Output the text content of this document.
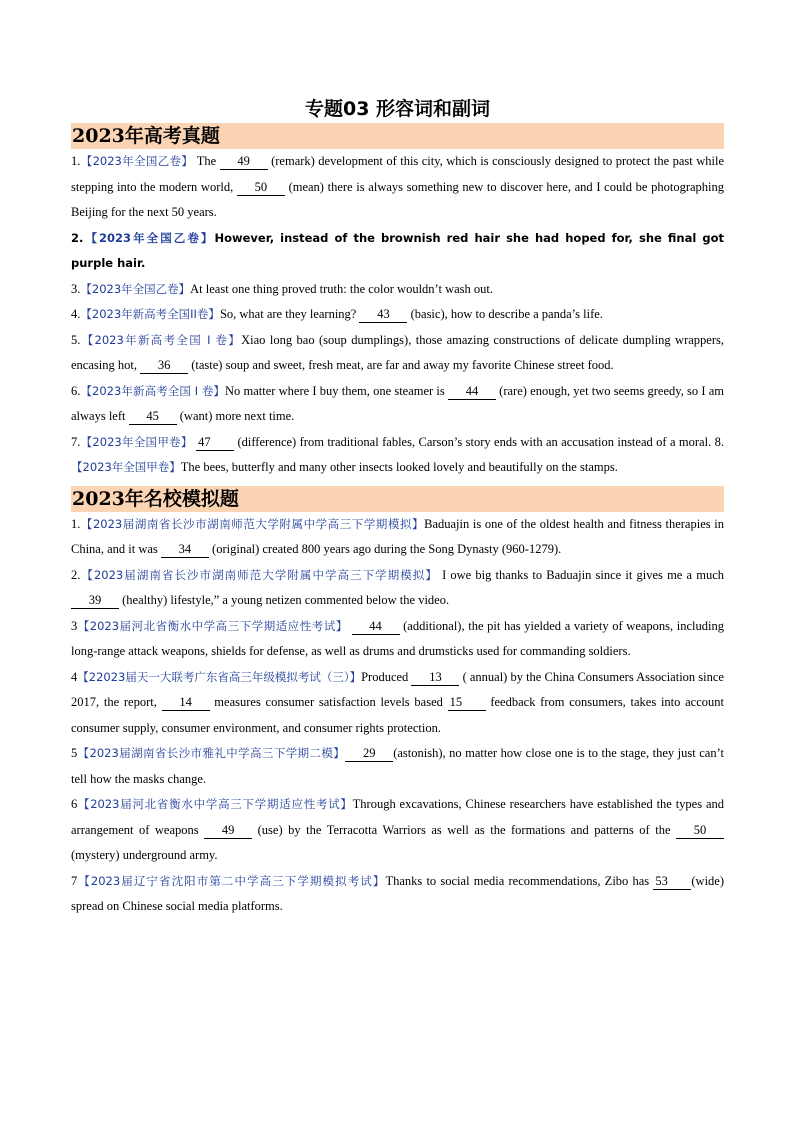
专题03 形容词和副词
2023年高考真题

1.【2023年全国乙卷】 The 49 (remark) development of this city, which is consciously designed to protect the past while stepping into the modern world, 50 (mean) there is always something new to discover here, and I could be photographing Beijing for the next 50 years.

2.【2023年全国乙卷】However, instead of the brownish red hair she had hoped for, she final got purple hair.

3.【2023年全国乙卷】At least one thing proved truth: the color wouldn’t wash out.

4.【2023年新高考全国II卷】So, what are they learning? 43 (basic), how to describe a panda’s life.

5.【2023年新高考全国 I 卷】Xiao long bao (soup dumplings), those amazing constructions of delicate dumpling wrappers, encasing hot, 36 (taste) soup and sweet, fresh meat, are far and away my favorite Chinese street food.

6.【2023年新高考全国 I 卷】No matter where I buy them, one steamer is 44 (rare) enough, yet two seems greedy, so I am always left 45 (want) more next time.

7.【2023年全国甲卷】 47 (difference) from traditional fables, Carson’s story ends with an accusation instead of a moral. 8.【2023年全国甲卷】The bees, butterfly and many other insects looked lovely and beautifully on the stamps.

2023年名校模拟题

1.【2023届湖南省长沙市湖南师范大学附属中学高三下学期模拟】Baduajin is one of the oldest health and fitness therapies in China, and it was 34 (original) created 800 years ago during the Song Dynasty (960-1279).

2.【2023届湖南省长沙市湖南师范大学附属中学高三下学期模拟】 I owe big thanks to Baduajin since it gives me a much 39 (healthy) lifestyle,” a young netizen commented below the video.

3【2023届河北省衡水中学高三下学期适应性考试】 44 (additional), the pit has yielded a variety of weapons, including long-range attack weapons, shields for defense, as well as drums and drumsticks used for commanding soldiers.

4【22023届天一大联考广东省高三年级模拟考试（三）】Produced 13 ( annual) by the China Consumers Association since 2017, the report, 14 measures consumer satisfaction levels based 15 feedback from consumers, takes into account consumer supply, consumer environment, and consumer rights protection.

5【2023届湖南省长沙市雅礼中学高三下学期二模】 29 (astonish), no matter how close one is to the stage, they just can’t tell how the masks change.

6【2023届河北省衡水中学高三下学期适应性考试】Through excavations, Chinese researchers have established the types and arrangement of weapons 49 (use) by the Terracotta Warriors as well as the formations and patterns of the 50 (mystery) underground army.

7【2023届辽宁省沈阳市第二中学高三下学期模拟考试】Thanks to social media recommendations, Zibo has 53 (wide) spread on Chinese social media platforms.
